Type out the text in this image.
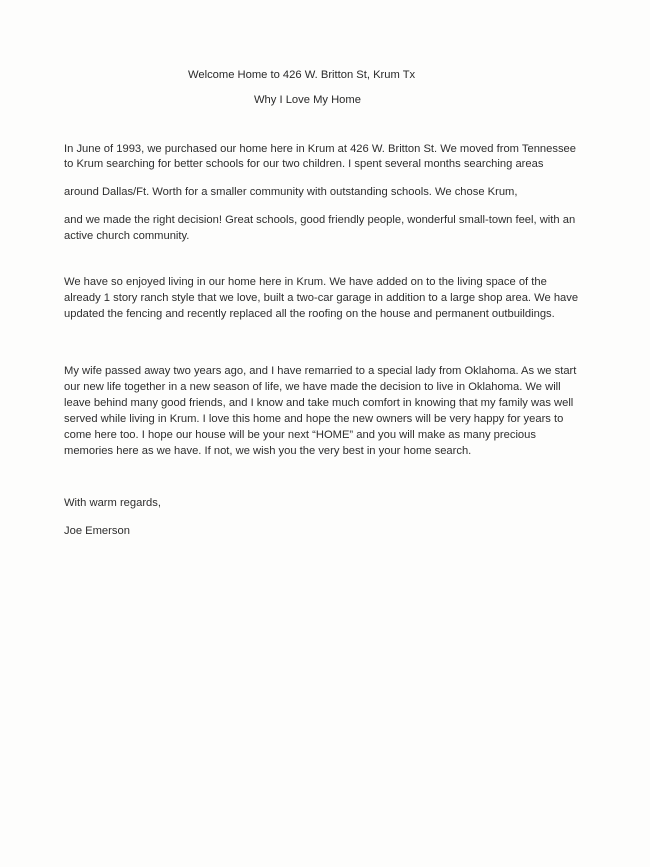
Welcome Home to 426 W. Britton St, Krum Tx
Why I Love My Home
In June of 1993, we purchased our home here in Krum at 426 W. Britton St. We moved from Tennessee
to Krum searching for better schools for our two children. I spent several months searching areas
around Dallas/Ft. Worth for a smaller community with outstanding schools. We chose Krum,
and we made the right decision! Great schools, good friendly people, wonderful small-town feel, with an
active church community.
We have so enjoyed living in our home here in Krum. We have added on to the living space of the
already 1 story ranch style that we love, built a two-car garage in addition to a large shop area. We have
updated the fencing and recently replaced all the roofing on the house and permanent outbuildings.
My wife passed away two years ago, and I have remarried to a special lady from Oklahoma. As we start
our new life together in a new season of life, we have made the decision to live in Oklahoma. We will
leave behind many good friends, and I know and take much comfort in knowing that my family was well
served while living in Krum. I love this home and hope the new owners will be very happy for years to
come here too. I hope our house will be your next “HOME” and you will make as many precious
memories here as we have. If not, we wish you the very best in your home search.
With warm regards,
Joe Emerson
